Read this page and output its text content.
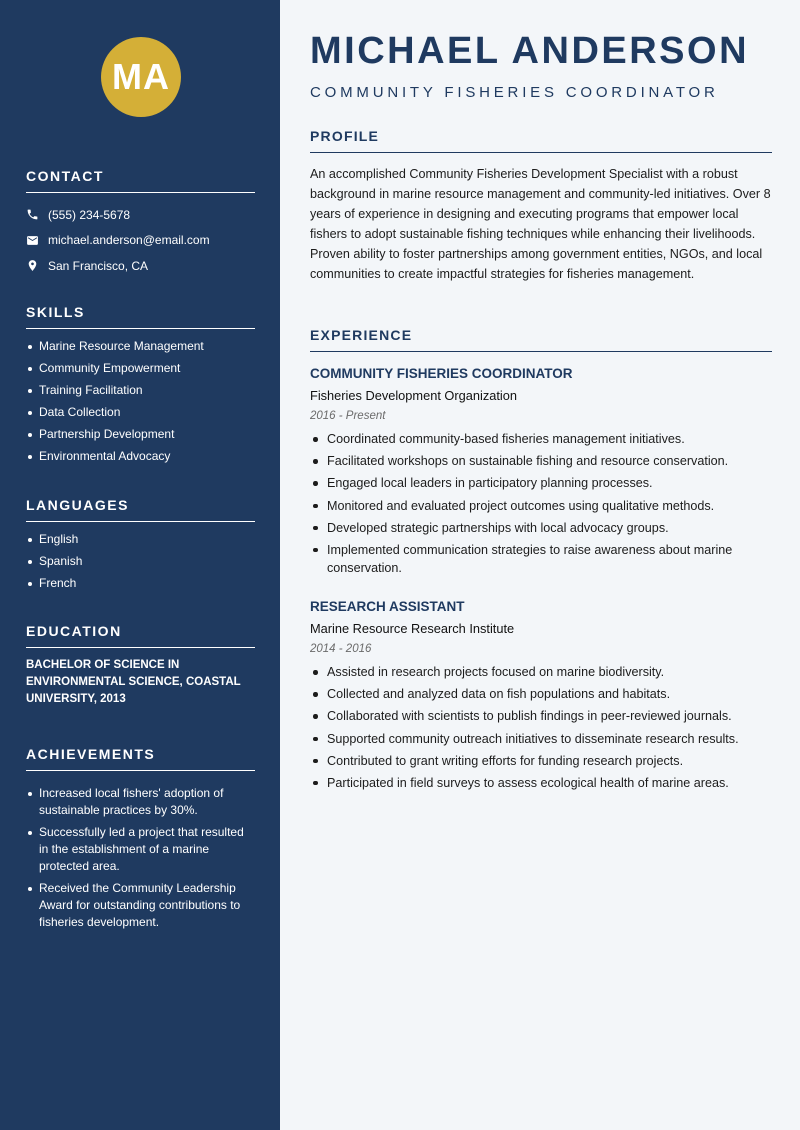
MA
CONTACT
(555) 234-5678
michael.anderson@email.com
San Francisco, CA
SKILLS
Marine Resource Management
Community Empowerment
Training Facilitation
Data Collection
Partnership Development
Environmental Advocacy
LANGUAGES
English
Spanish
French
EDUCATION
BACHELOR OF SCIENCE IN ENVIRONMENTAL SCIENCE, COASTAL UNIVERSITY, 2013
ACHIEVEMENTS
Increased local fishers' adoption of sustainable practices by 30%.
Successfully led a project that resulted in the establishment of a marine protected area.
Received the Community Leadership Award for outstanding contributions to fisheries development.
MICHAEL ANDERSON
COMMUNITY FISHERIES COORDINATOR
PROFILE
An accomplished Community Fisheries Development Specialist with a robust background in marine resource management and community-led initiatives. Over 8 years of experience in designing and executing programs that empower local fishers to adopt sustainable fishing techniques while enhancing their livelihoods. Proven ability to foster partnerships among government entities, NGOs, and local communities to create impactful strategies for fisheries management.
EXPERIENCE
COMMUNITY FISHERIES COORDINATOR
Fisheries Development Organization
2016 - Present
Coordinated community-based fisheries management initiatives.
Facilitated workshops on sustainable fishing and resource conservation.
Engaged local leaders in participatory planning processes.
Monitored and evaluated project outcomes using qualitative methods.
Developed strategic partnerships with local advocacy groups.
Implemented communication strategies to raise awareness about marine conservation.
RESEARCH ASSISTANT
Marine Resource Research Institute
2014 - 2016
Assisted in research projects focused on marine biodiversity.
Collected and analyzed data on fish populations and habitats.
Collaborated with scientists to publish findings in peer-reviewed journals.
Supported community outreach initiatives to disseminate research results.
Contributed to grant writing efforts for funding research projects.
Participated in field surveys to assess ecological health of marine areas.
